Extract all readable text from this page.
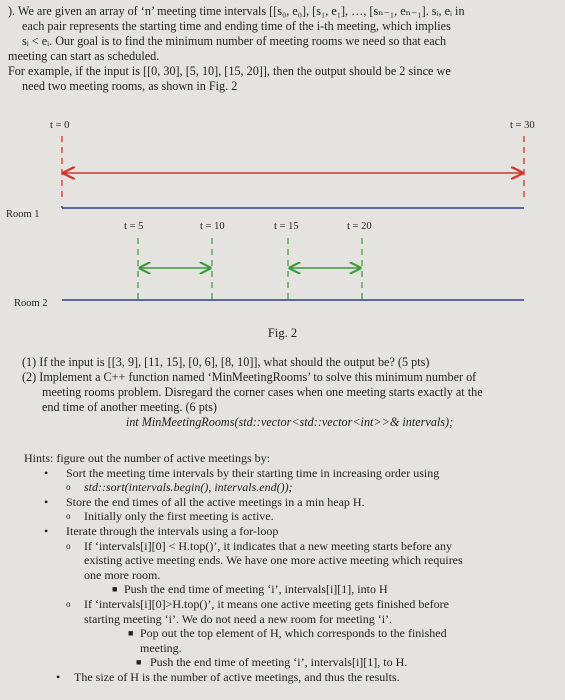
). We are given an array of ‘n’ meeting time intervals [[s₀, e₀], [s₁, e₁], …, [sₙ₋₁, eₙ₋₁]. sᵢ, eᵢ in
each pair represents the starting time and ending time of the i-th meeting, which implies
sᵢ < eᵢ. Our goal is to find the minimum number of meeting rooms we need so that each
meeting can start as scheduled.
For example, if the input is [[0, 30], [5, 10], [15, 20]], then the output should be 2 since we
need two meeting rooms, as shown in Fig. 2
t = 0	t = 30
Room 1
t = 5	t = 10	t = 15	t = 20
Room 2
Fig. 2
(1) If the input is [[3, 9], [11, 15], [0, 6], [8, 10]], what should the output be? (5 pts)
(2) Implement a C++ function named ‘MinMeetingRooms’ to solve this minimum number of
meeting rooms problem. Disregard the corner cases when one meeting starts exactly at the
end time of another meeting. (6 pts)
int MinMeetingRooms(std::vector<std::vector<int>>& intervals);
Hints: figure out the number of active meetings by:
• Sort the meeting time intervals by their starting time in increasing order using
o std::sort(intervals.begin(), intervals.end());
• Store the end times of all the active meetings in a min heap H.
o Initially only the first meeting is active.
• Iterate through the intervals using a for-loop
o If ‘intervals[i][0] < H.top()’, it indicates that a new meeting starts before any
existing active meeting ends. We have one more active meeting which requires
one more room.
■ Push the end time of meeting ‘i’, intervals[i][1], into H
o If ‘intervals[i][0]>H.top()’, it means one active meeting gets finished before
starting meeting ‘i’. We do not need a new room for meeting ‘i’.
■ Pop out the top element of H, which corresponds to the finished
meeting.
■ Push the end time of meeting ‘i’, intervals[i][1], to H.
• The size of H is the number of active meetings, and thus the results.
